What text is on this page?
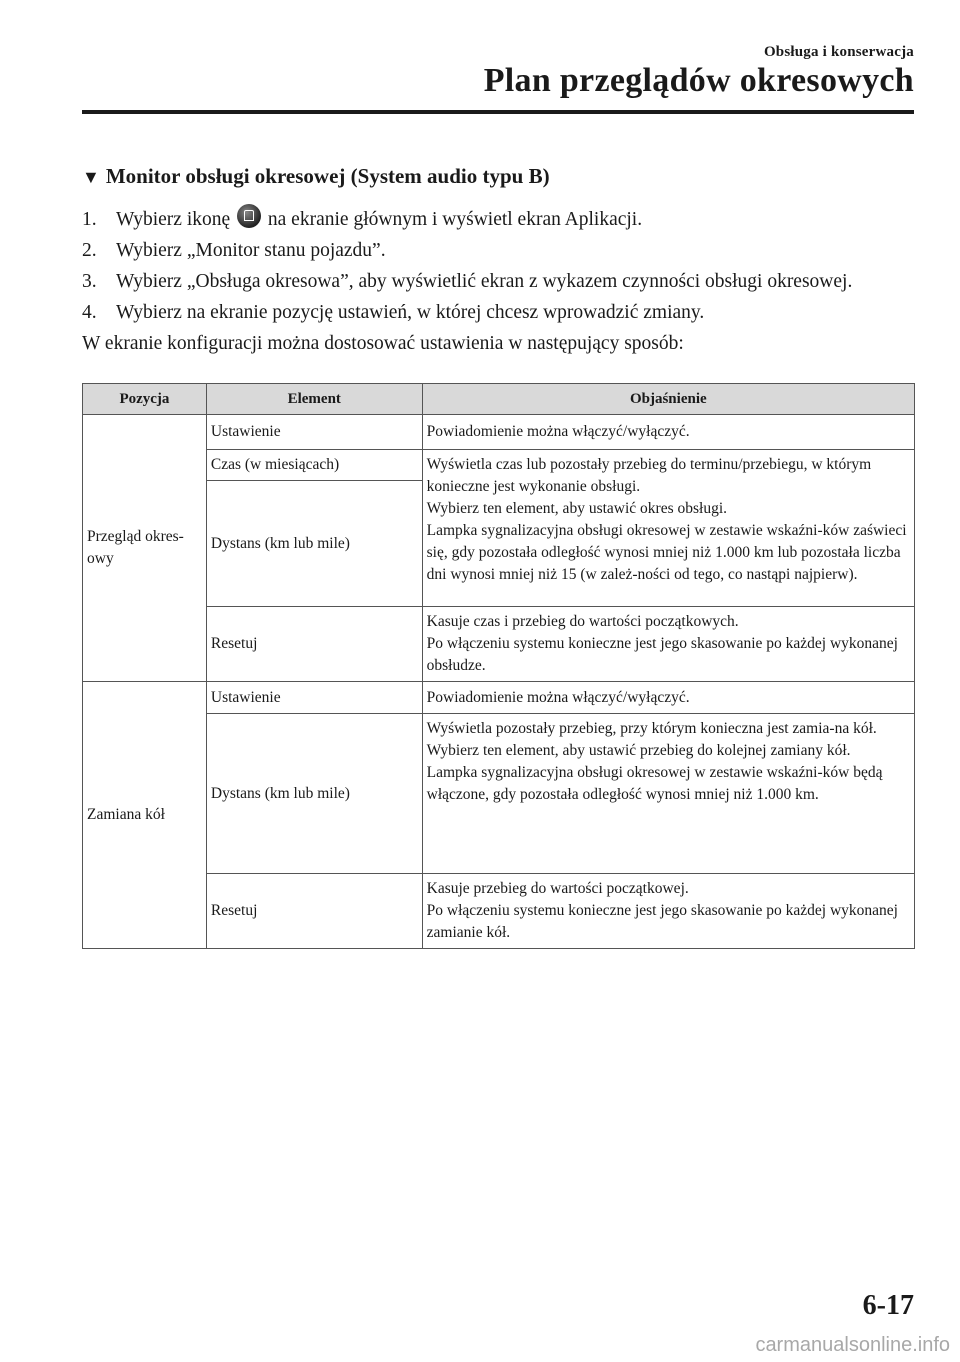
Obsługa i konserwacja
Plan przeglądów okresowych
▼ Monitor obsługi okresowej (System audio typu B)
1. Wybierz ikonę na ekranie głównym i wyświetl ekran Aplikacji.
2. Wybierz „Monitor stanu pojazdu”.
3. Wybierz „Obsługa okresowa”, aby wyświetlić ekran z wykazem czynności obsługi okresowej.
4. Wybierz na ekranie pozycję ustawień, w której chcesz wprowadzić zmiany.
W ekranie konfiguracji można dostosować ustawienia w następujący sposób:
Pozycja	Element	Objaśnienie
Przegląd okres-owy	Ustawienie	Powiadomienie można włączyć/wyłączyć.
	Czas (w miesiącach)	Wyświetla czas lub pozostały przebieg do terminu/przebiegu, w którym konieczne jest wykonanie obsługi.
Wybierz ten element, aby ustawić okres obsługi.
Lampka sygnalizacyjna obsługi okresowej w zestawie wskaźni-ków zaświeci się, gdy pozostała odległość wynosi mniej niż 1.000 km lub pozostała liczba dni wynosi mniej niż 15 (w zależ-ności od tego, co nastąpi najpierw).

	Dystans (km lub mile)	
	Resetuj	Kasuje czas i przebieg do wartości początkowych.
Po włączeniu systemu konieczne jest jego skasowanie po każdej wykonanej obsłudze.

Zamiana kół	Ustawienie	Powiadomienie można włączyć/wyłączyć.
	Dystans (km lub mile)	Wyświetla pozostały przebieg, przy którym konieczna jest zamia-na kół.
Wybierz ten element, aby ustawić przebieg do kolejnej zamiany kół.
Lampka sygnalizacyjna obsługi okresowej w zestawie wskaźni-ków będą włączone, gdy pozostała odległość wynosi mniej niż 1.000 km.

	Resetuj	Kasuje przebieg do wartości początkowej.
Po włączeniu systemu konieczne jest jego skasowanie po każdej wykonanej zamianie kół.
6-17
carmanualsonline.info
